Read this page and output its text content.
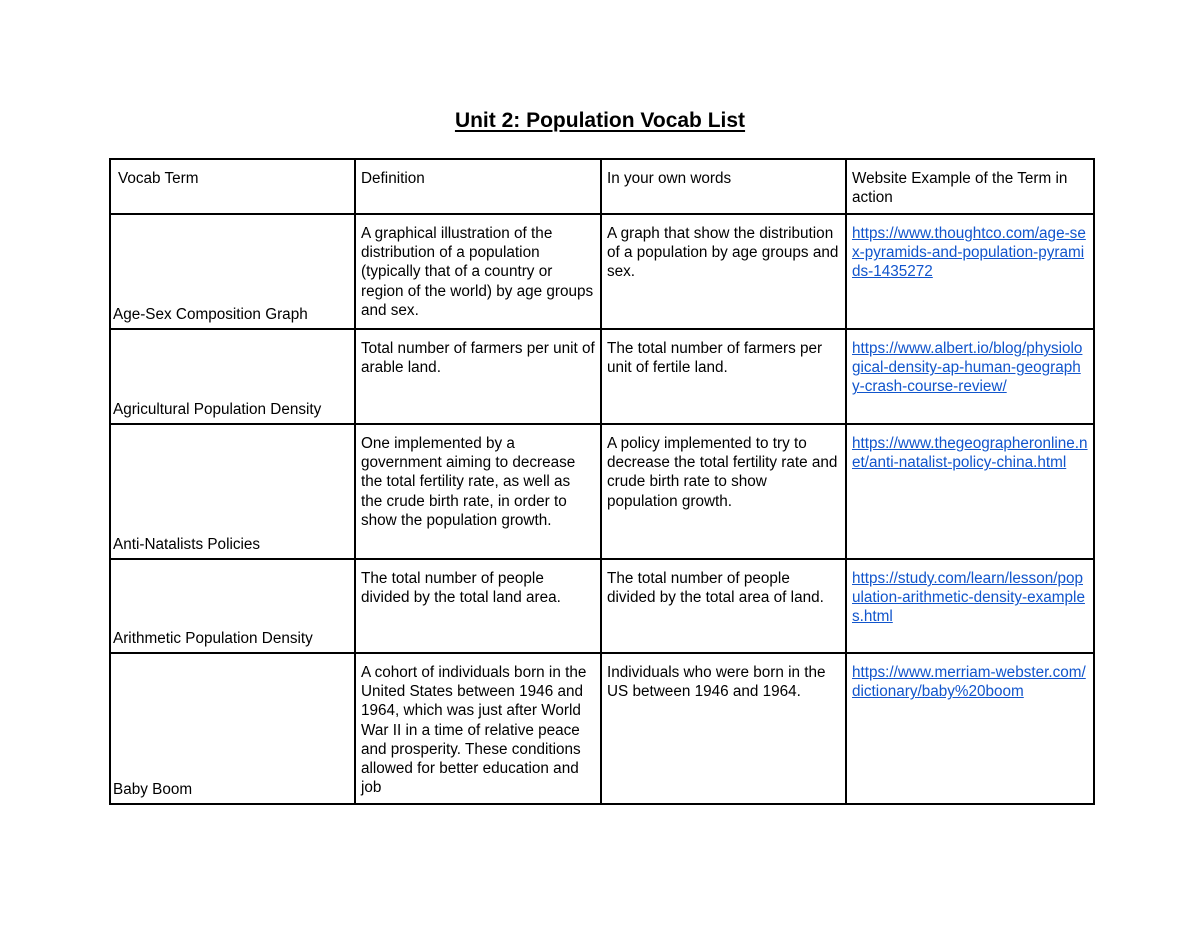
Unit 2: Population Vocab List
Vocab Term	Definition	In your own words	Website Example of the Term in action
Age-Sex Composition Graph	A graphical illustration of the distribution of a population (typically that of a country or region of the world) by age groups and sex.	A graph that show the distribution of a population by age groups and sex.	https://www.thoughtco.com/age-sex-pyramids-and-population-pyramids-1435272
Agricultural Population Density	Total number of farmers per unit of arable land.	The total number of farmers per unit of fertile land.	https://www.albert.io/blog/physiological-density-ap-human-geography-crash-course-review/
Anti-Natalists Policies	One implemented by a government aiming to decrease the total fertility rate, as well as the crude birth rate, in order to show the population growth.	A policy implemented to try to decrease the total fertility rate and crude birth rate to show population growth.	https://www.thegeographeronline.net/anti-natalist-policy-china.html
Arithmetic Population Density	The total number of people divided by the total land area.	The total number of people divided by the total area of land.	https://study.com/learn/lesson/population-arithmetic-density-examples.html
Baby Boom	A cohort of individuals born in the United States between 1946 and 1964, which was just after World War II in a time of relative peace and prosperity. These conditions allowed for better education and job	Individuals who were born in the US between 1946 and 1964.	https://www.merriam-webster.com/dictionary/baby%20boom
